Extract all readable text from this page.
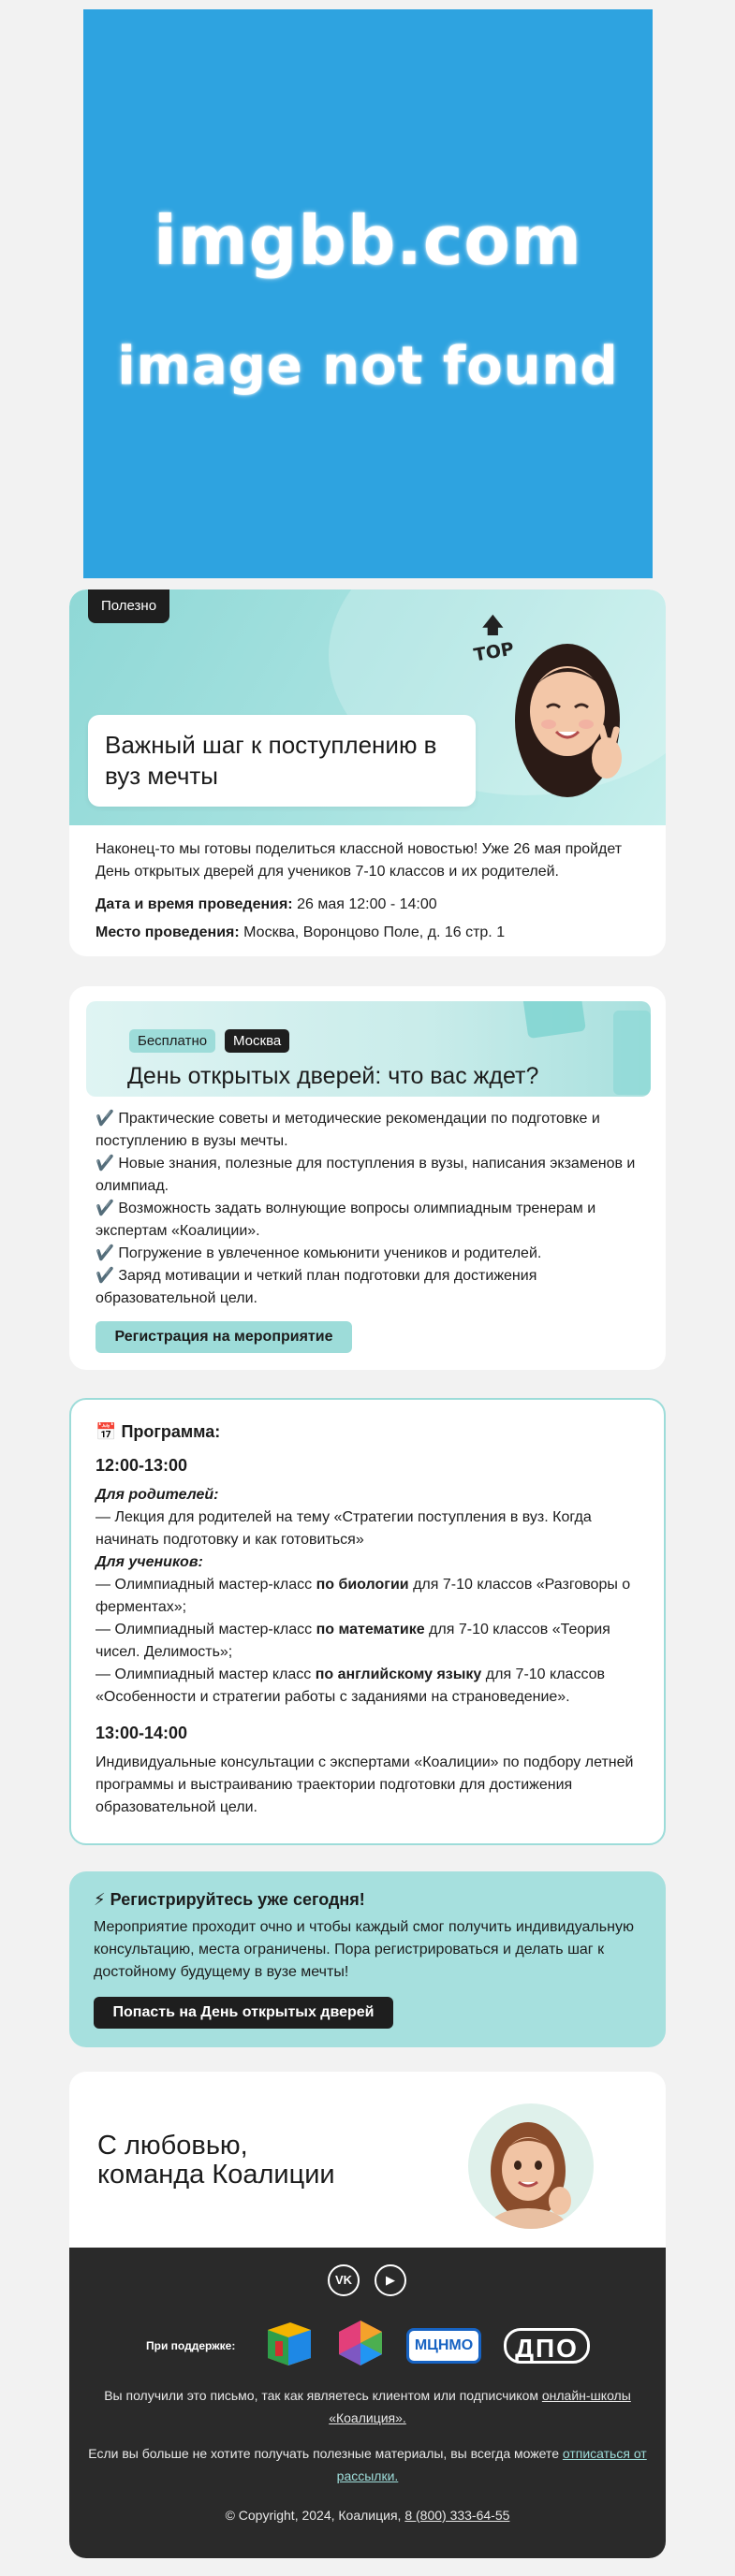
imgbb.com
image not found
Полезно
🡅
TOP
Важный шаг к поступлению в вуз мечты

Наконец-то мы готовы поделиться классной новостью! Уже 26 мая пройдет День открытых дверей для учеников 7-10 классов и их родителей.

Дата и время проведения: 26 мая 12:00 - 14:00

Место проведения: Москва, Воронцово Поле, д. 16 стр. 1

Бесплатно	Москва
День открытых дверей: что вас ждет?
✔️ Практические советы и методические рекомендации по подготовке и поступлению в вузы мечты.
✔️ Новые знания, полезные для поступления в вузы, написания экзаменов и олимпиад.
✔️ Возможность задать волнующие вопросы олимпиадным тренерам и экспертам «Коалиции».
✔️ Погружение в увлеченное комьюнити учеников и родителей.
✔️ Заряд мотивации и четкий план подготовки для достижения образовательной цели.
Регистрация на мероприятие
📅 Программа:
12:00-13:00

Для родителей:

— Лекция для родителей на тему «Стратегии поступления в вуз. Когда начинать подготовку и как готовиться»

Для учеников:

— Олимпиадный мастер-класс по биологии для 7-10 классов «Разговоры о ферментах»;

— Олимпиадный мастер-класс по математике для 7-10 классов «Теория чисел. Делимость»;

— Олимпиадный мастер класс по английскому языку для 7-10 классов «Особенности и стратегии работы с заданиями на страноведение».

13:00-14:00

Индивидуальные консультации с экспертами «Коалиции» по подбору летней программы и выстраиванию траектории подготовки для достижения образовательной цели.

⚡ Регистрируйтесь уже сегодня!

Мероприятие проходит очно и чтобы каждый смог получить индивидуальную консультацию, места ограничены. Пора регистрироваться и делать шаг к достойному будущему в вузе мечты!

Попасть на День открытых дверей
С любовью,
команда Коалиции
VK	▶
При поддержке:	МЦНМО	ДПО
Вы получили это письмо, так как являетесь клиентом или подписчиком онлайн-школы «Коалиция».
Если вы больше не хотите получать полезные материалы, вы всегда можете отписаться от рассылки.
© Copyright, 2024, Коалиция, 8 (800) 333-64-55
